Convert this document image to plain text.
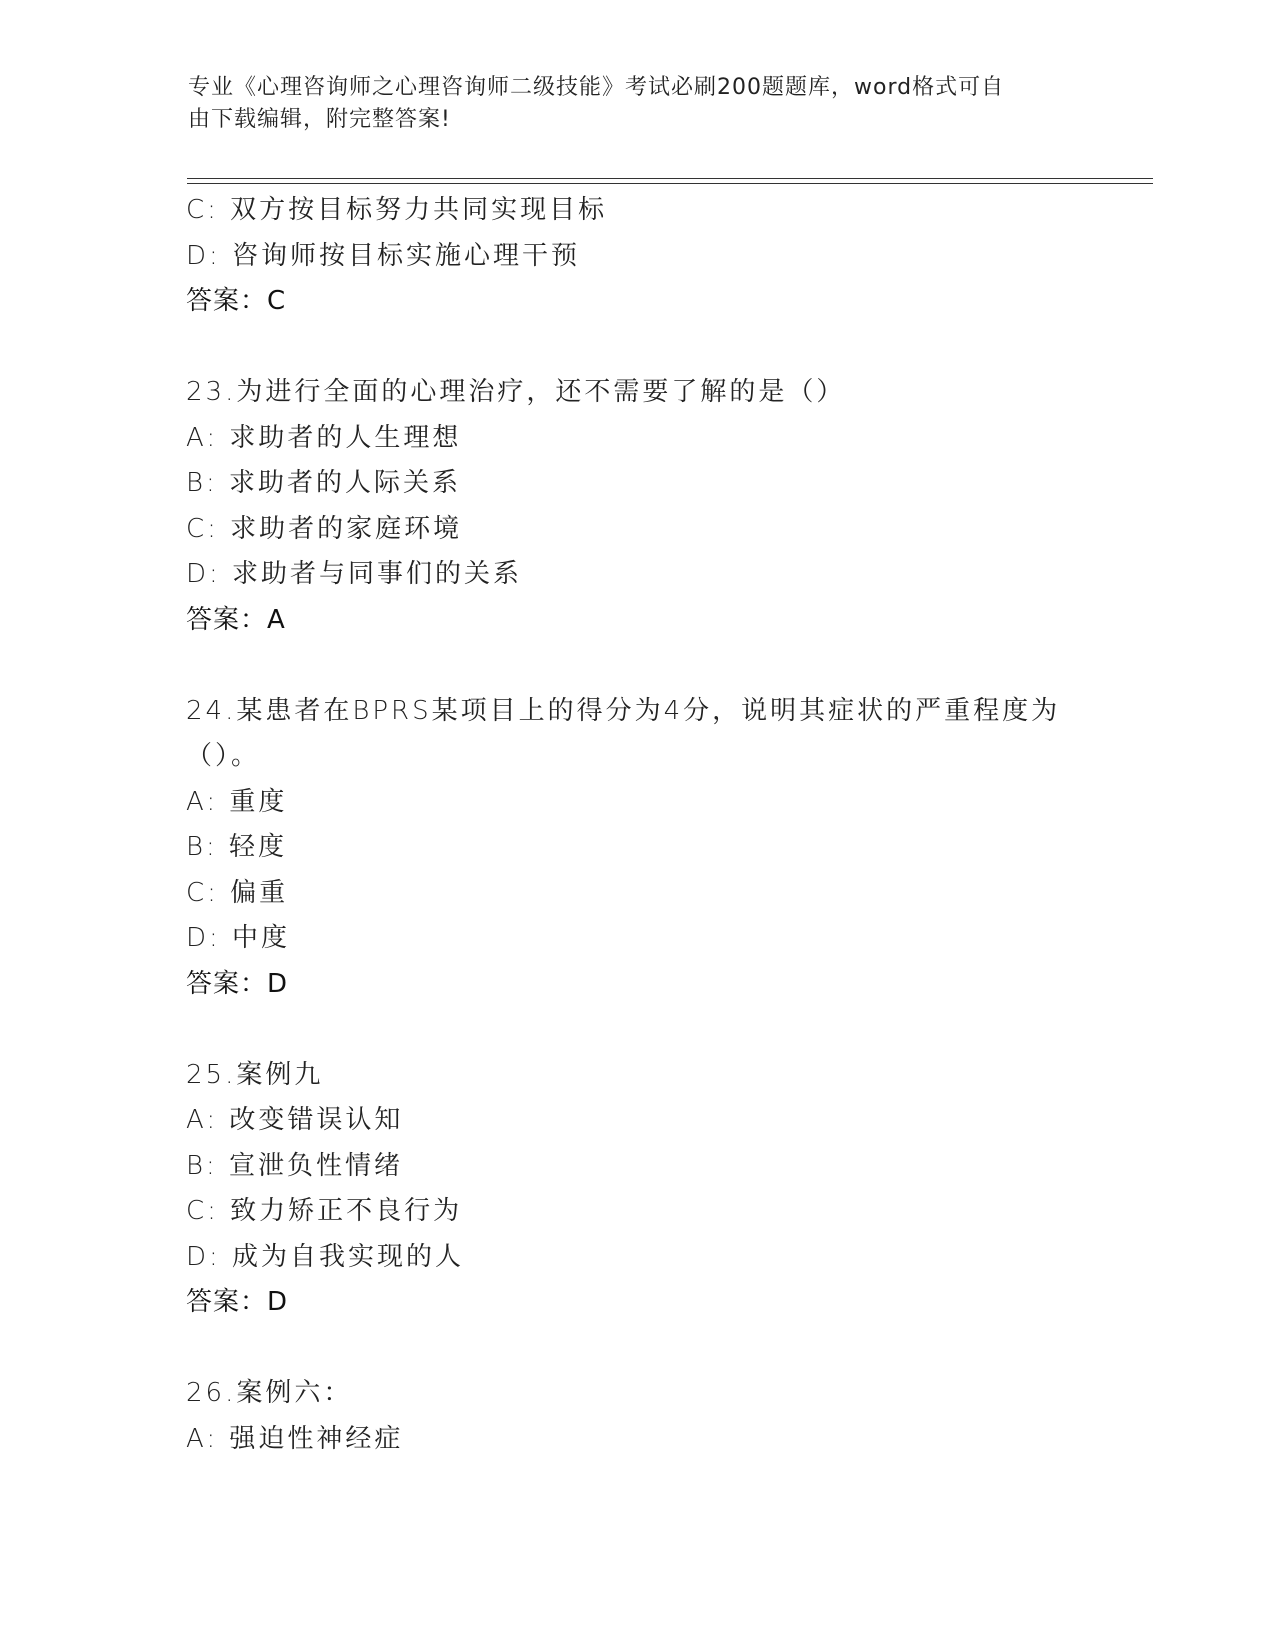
专业《心理咨询师之心理咨询师二级技能》考试必刷200题题库，word格式可自
由下载编辑，附完整答案!
C: 双方按目标努力共同实现目标
D: 咨询师按目标实施心理干预
答案：C
23.为进行全面的心理治疗，还不需要了解的是（）
A: 求助者的人生理想
B: 求助者的人际关系
C: 求助者的家庭环境
D: 求助者与同事们的关系
答案：A
24.某患者在BPRS某项目上的得分为4分，说明其症状的严重程度为
（）。
A: 重度
B: 轻度
C: 偏重
D: 中度
答案：D
25.案例九
A: 改变错误认知
B: 宣泄负性情绪
C: 致力矫正不良行为
D: 成为自我实现的人
答案：D
26.案例六：
A: 强迫性神经症
